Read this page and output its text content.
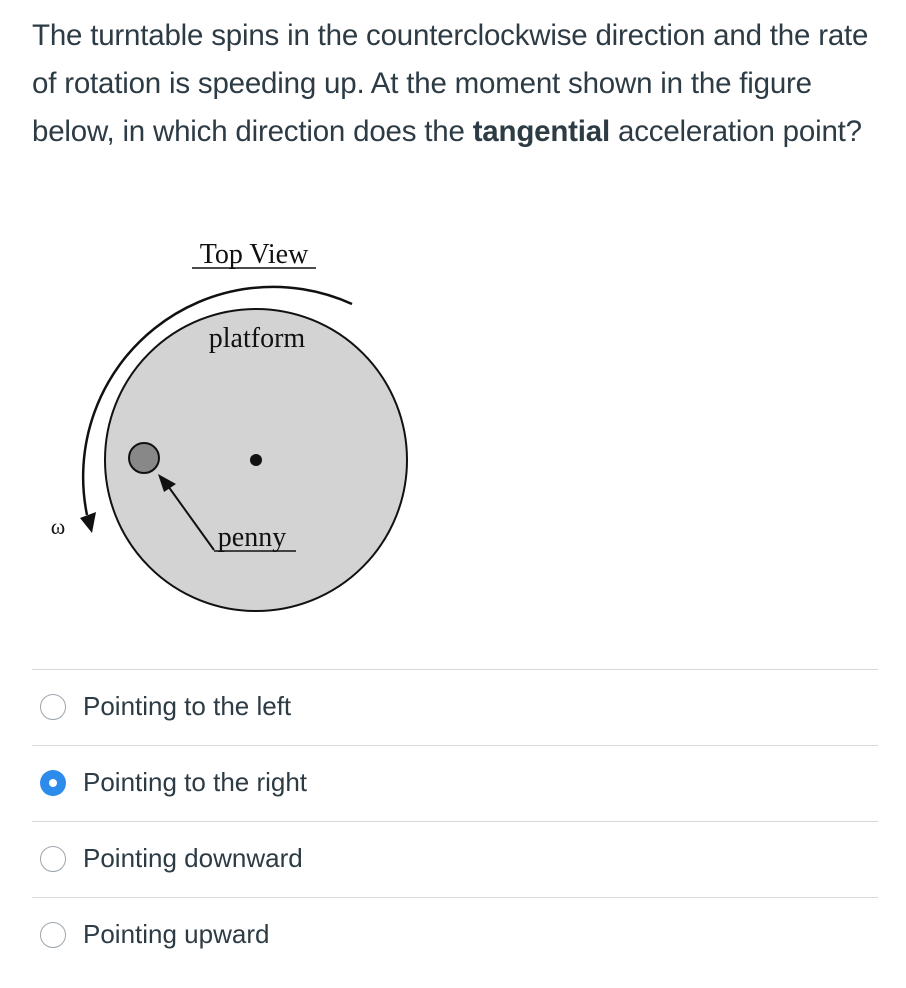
The turntable spins in the counterclockwise direction and the rate of rotation is speeding up. At the moment shown in the figure below, in which direction does the tangential acceleration point?
Top View
ω
platform
penny
Pointing to the left
Pointing to the right
Pointing downward
Pointing upward
